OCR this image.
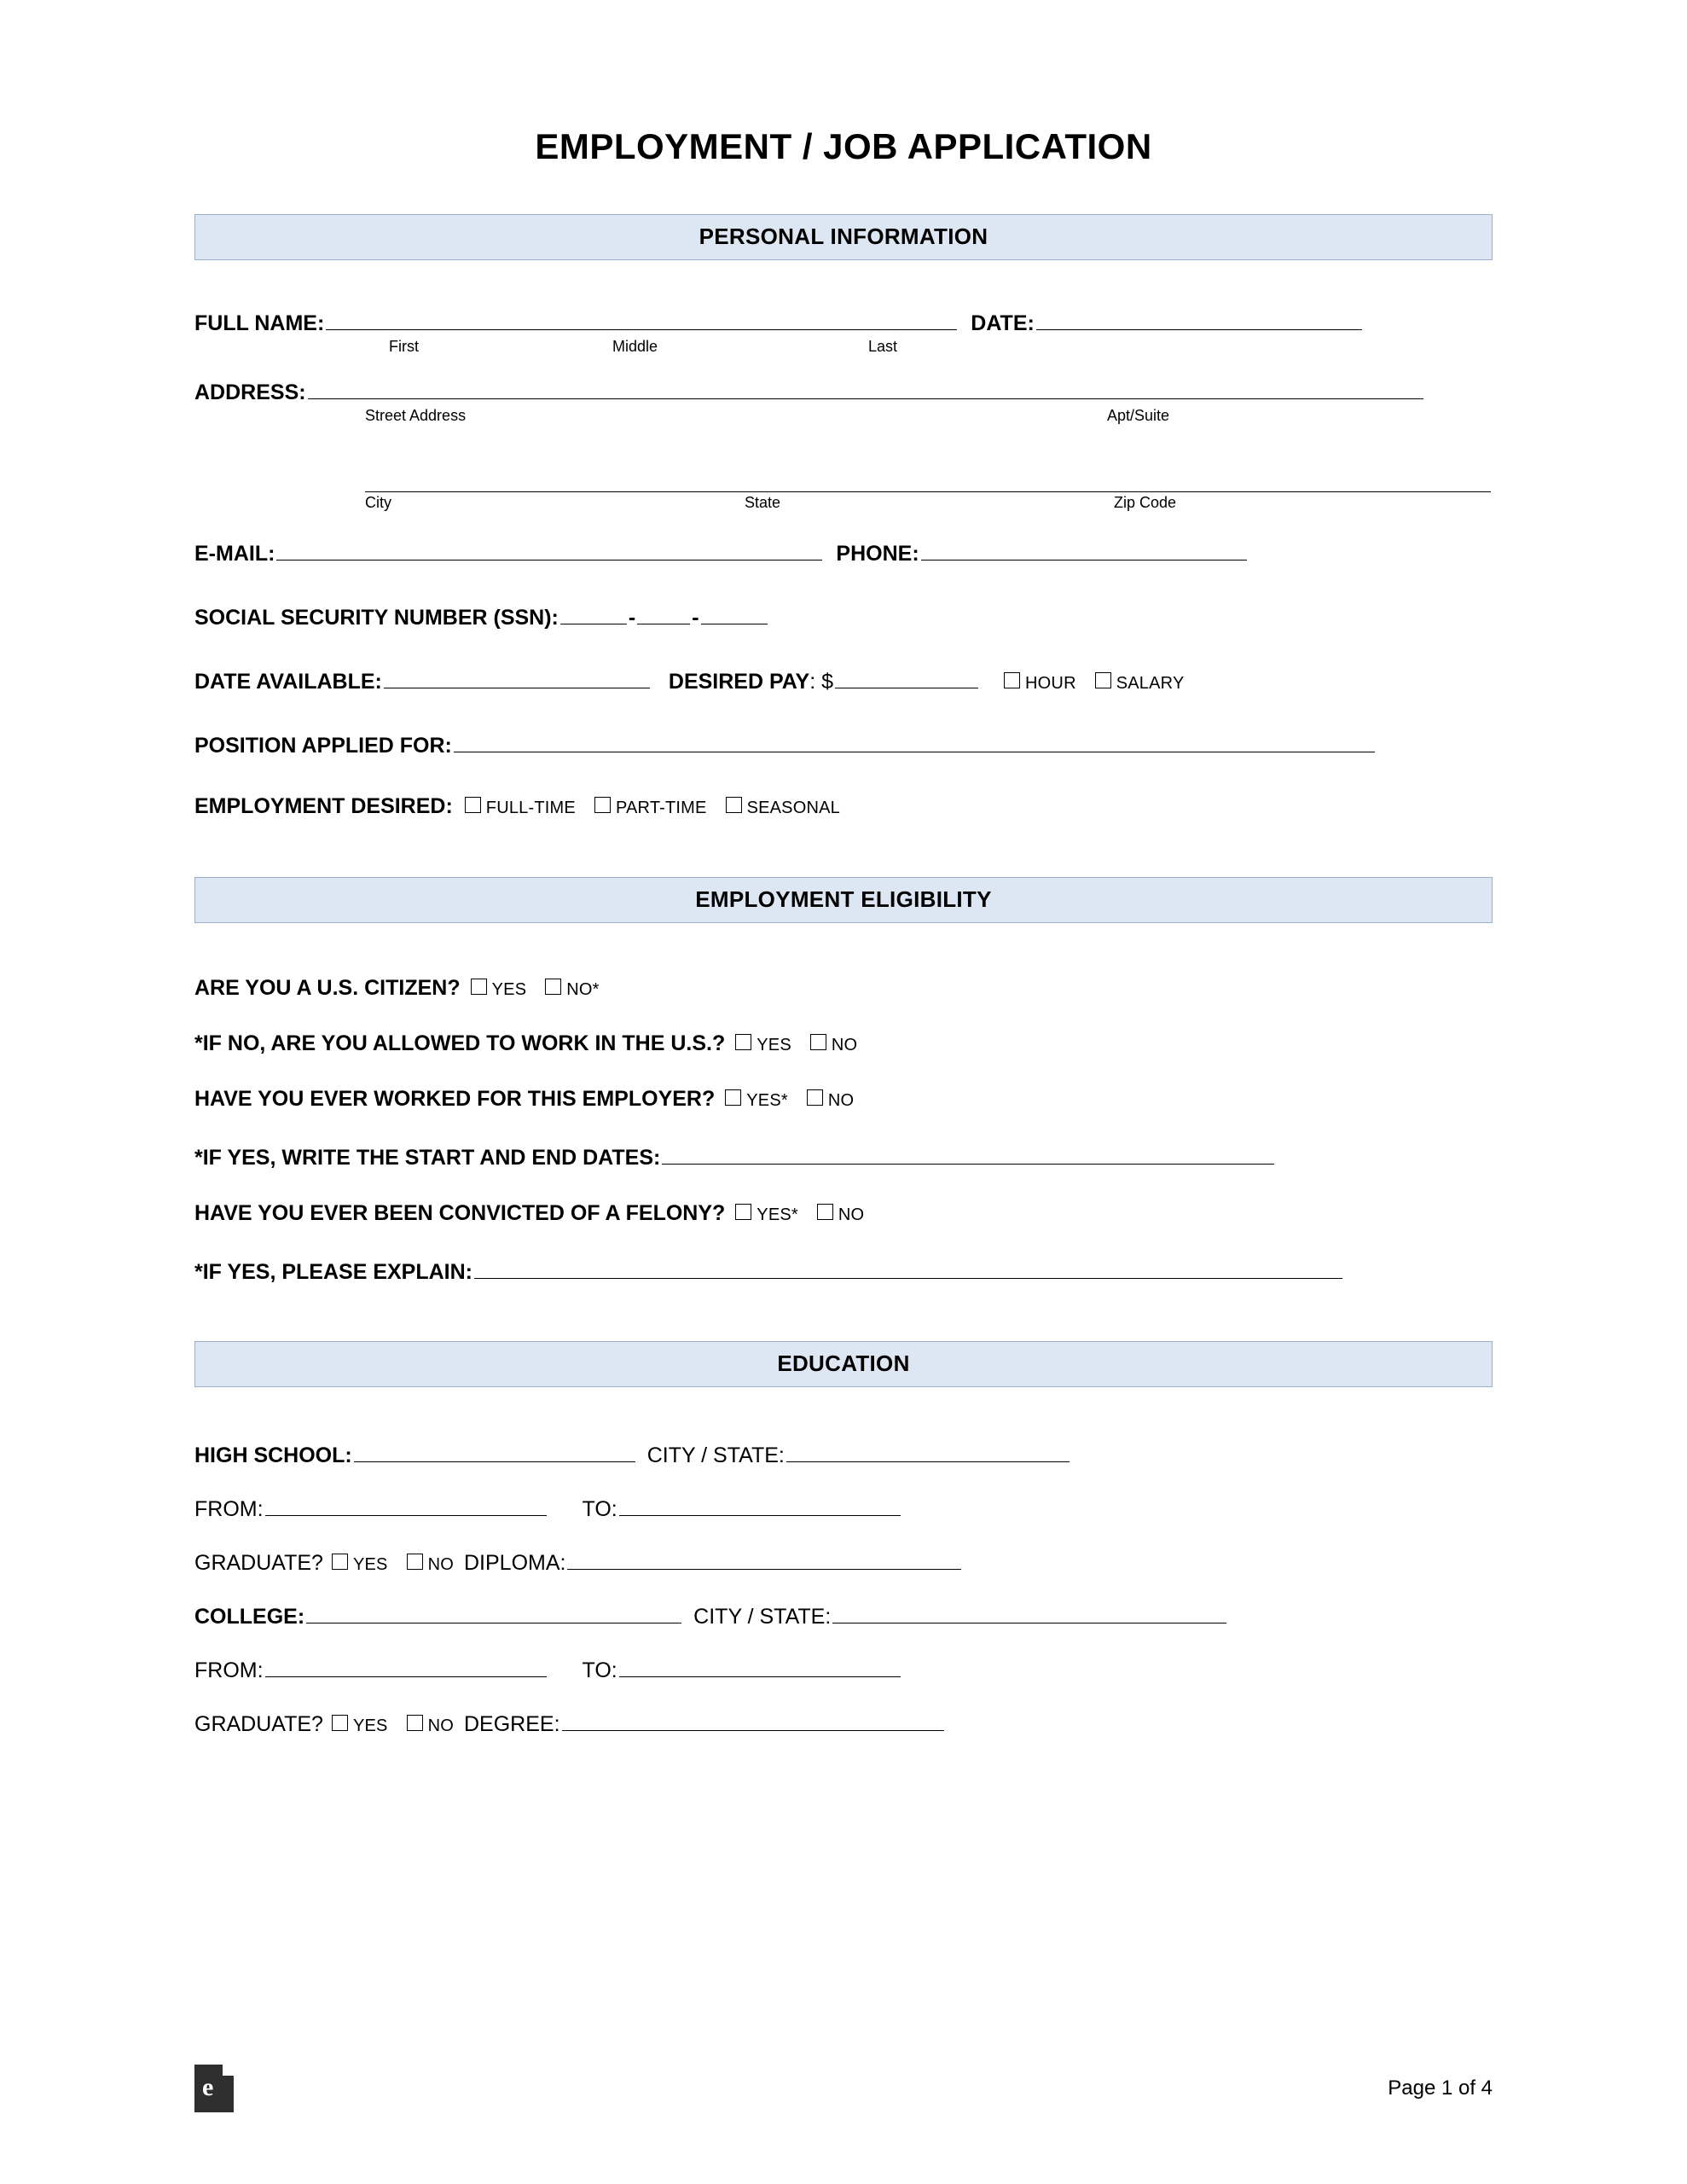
EMPLOYMENT / JOB APPLICATION
PERSONAL INFORMATION
FULL NAME:	DATE:
First	Middle	Last
ADDRESS:
Street Address	Apt/Suite
City	State	Zip Code
E-MAIL:	PHONE:
SOCIAL SECURITY NUMBER (SSN):	-	-
DATE AVAILABLE:	DESIRED PAY : $	HOUR SALARY
POSITION APPLIED FOR:
EMPLOYMENT DESIRED: FULL-TIME PART-TIME SEASONAL
EMPLOYMENT ELIGIBILITY
ARE YOU A U.S. CITIZEN? YES NO*
*IF NO, ARE YOU ALLOWED TO WORK IN THE U.S.? YES NO
HAVE YOU EVER WORKED FOR THIS EMPLOYER? YES* NO
*IF YES, WRITE THE START AND END DATES:
HAVE YOU EVER BEEN CONVICTED OF A FELONY? YES* NO
*IF YES, PLEASE EXPLAIN:
EDUCATION
HIGH SCHOOL:	CITY / STATE:
FROM:	TO:
GRADUATE? YES NO DIPLOMA:
COLLEGE:	CITY / STATE:
FROM:	TO:
GRADUATE? YES NO DEGREE:
e	Page 1 of 4
